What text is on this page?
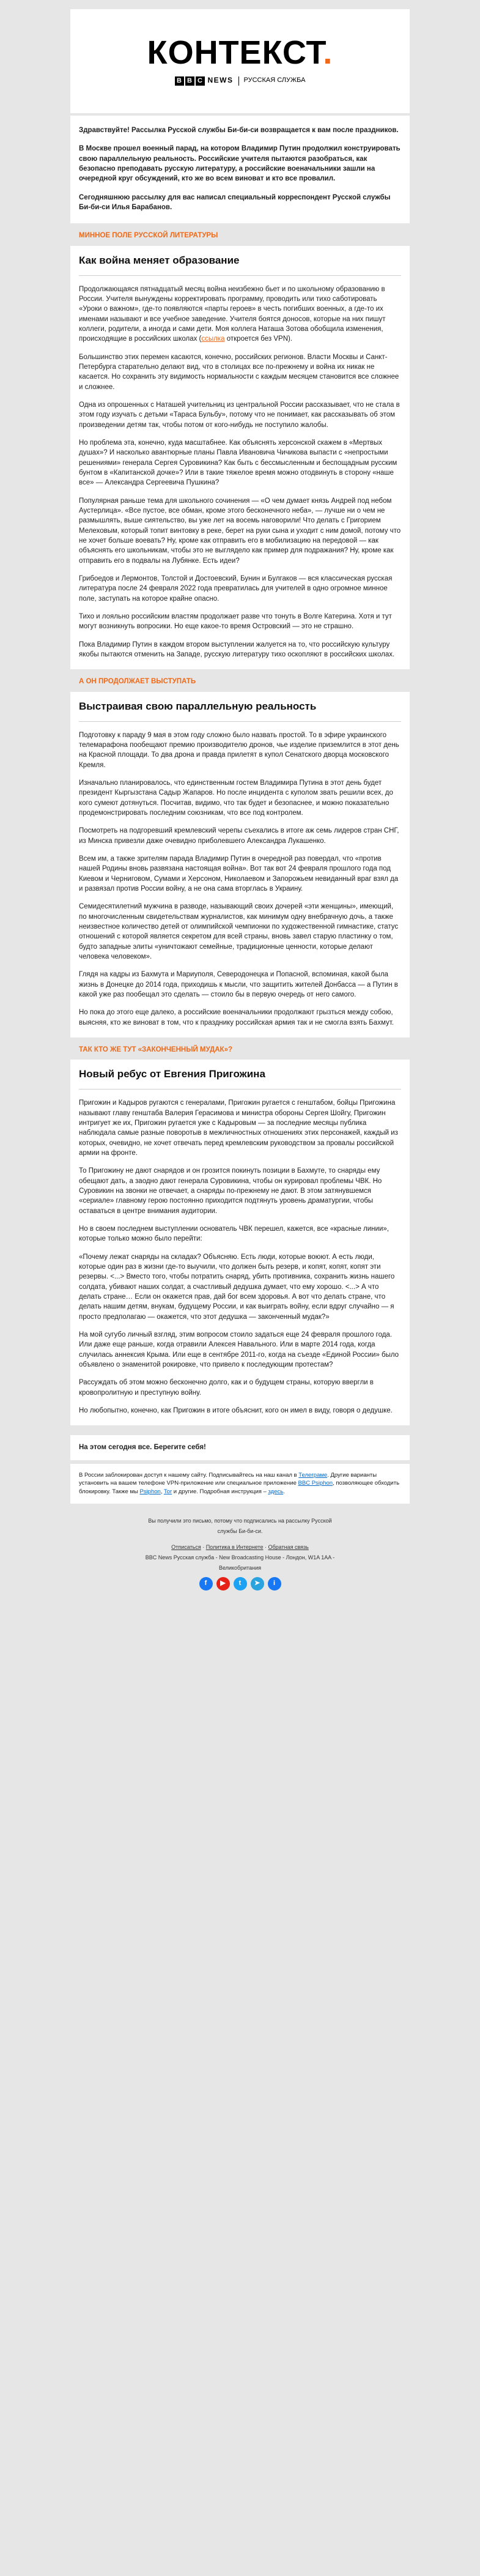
КОНТЕКСТ.
B B C NEWS РУССКАЯ СЛУЖБА

Здравствуйте! Рассылка Русской службы Би-би-си возвращается к вам после праздников.

В Москве прошел военный парад, на котором Владимир Путин продолжил конструировать свою параллельную реальность. Российские учителя пытаются разобраться, как безопасно преподавать русскую литературу, а российские военачальники зашли на очередной круг обсуждений, кто же во всем виноват и кто все провалил.

Сегодняшнюю рассылку для вас написал специальный корреспондент Русской службы Би-би-си Илья Барабанов.

МИННОЕ ПОЛЕ РУССКОЙ ЛИТЕРАТУРЫ
Как война меняет образование

Продолжающаяся пятнадцатый месяц война неизбежно бьет и по школьному образованию в России. Учителя вынуждены корректировать программу, проводить или тихо саботировать «Уроки о важном», где-то появляются «парты героев» в честь погибших военных, а где-то их именами называют и все учебное заведение. Учителя боятся доносов, которые на них пишут коллеги, родители, а иногда и сами дети. Моя коллега Наташа Зотова обобщила изменения, происходящие в российских школах (ссылка откроется без VPN).

Большинство этих перемен касаются, конечно, российских регионов. Власти Москвы и Санкт-Петербурга старательно делают вид, что в столицах все по-прежнему и война их никак не касается. Но сохранить эту видимость нормальности с каждым месяцем становится все сложнее и сложнее.

Одна из опрошенных с Наташей учительниц из центральной России рассказывает, что не стала в этом году изучать с детьми «Тараса Бульбу», потому что не понимает, как рассказывать об этом произведении детям так, чтобы потом от кого-нибудь не поступило жалобы.

Но проблема эта, конечно, куда масштабнее. Как объяснять херсонской скажем в «Мертвых душах»? И насколько авантюрные планы Павла Ивановича Чичикова выпасти с «непростыми решениями» генерала Сергея Суровикина? Как быть с бессмысленным и беспощадным русским бунтом в «Капитанской дочке»? Или в такие тяжелое время можно отодвинуть в сторону «наше все» — Александра Сергеевича Пушкина?

Популярная раньше тема для школьного сочинения — «О чем думает князь Андрей под небом Аустерлица». «Все пустое, все обман, кроме этого бесконечного неба», — лучше ни о чем не размышлять, выше сиятельство, вы уже лет на восемь наговорили! Что делать с Григорием Мелеховым, который топит винтовку в реке, берет на руки сына и уходит с ним домой, потому что не хочет больше воевать? Ну, кроме как отправить его в мобилизацию на передовой — как объяснять его школьникам, чтобы это не выглядело как пример для подражания? Ну, кроме как отправить его в подвалы на Лубянке. Есть идеи?

Грибоедов и Лермонтов, Толстой и Достоевский, Бунин и Булгаков — вся классическая русская литература после 24 февраля 2022 года превратилась для учителей в одно огромное минное поле, заступать на которое крайне опасно.

Тихо и лояльно российским властям продолжает разве что тонуть в Волге Катерина. Хотя и тут могут возникнуть вопросики. Но еще какое-то время Островский — это не страшно.

Пока Владимир Путин в каждом втором выступлении жалуется на то, что российскую культуру якобы пытаются отменить на Западе, русскую литературу тихо оскопляют в российских школах.

А ОН ПРОДОЛЖАЕТ ВЫСТУПАТЬ
Выстраивая свою параллельную реальность

Подготовку к параду 9 мая в этом году сложно было назвать простой. То в эфире украинского телемарафона пообещают премию производителю дронов, чье изделие приземлится в этот день на Красной площади. То два дрона и правда прилетят в купол Сенатского дворца московского Кремля.

Изначально планировалось, что единственным гостем Владимира Путина в этот день будет президент Кыргызстана Садыр Жапаров. Но после инцидента с куполом звать решили всех, до кого сумеют дотянуться. Посчитав, видимо, что так будет и безопаснее, и можно показательно продемонстрировать последним союзникам, что все под контролем.

Посмотреть на подгоревший кремлевский черепы съехались в итоге аж семь лидеров стран СНГ, из Минска привезли даже очевидно приболевшего Александра Лукашенко.

Всем им, а также зрителям парада Владимир Путин в очередной раз повердал, что «против нашей Родины вновь развязана настоящая война». Вот так вот 24 февраля прошлого года под Киевом и Черниговом, Сумами и Херсоном, Николаевом и Запорожьем невиданный враг взял да и развязал против России войну, а не она сама вторглась в Украину.

Семидесятилетний мужчина в разводе, называющий своих дочерей «эти женщины», имеющий, по многочисленным свидетельствам журналистов, как минимум одну внебрачную дочь, а также неизвестное количество детей от олимпийской чемпионки по художественной гимнастике, статус отношений с которой является секретом для всей страны, вновь завел старую пластинку о том, будто западные элиты «уничтожают семейные, традиционные ценности, которые делают человека человеком».

Глядя на кадры из Бахмута и Мариуполя, Северодонецка и Попасной, вспоминая, какой была жизнь в Донецке до 2014 года, приходишь к мысли, что защитить жителей Донбасса — а Путин в какой уже раз пообещал это сделать — стоило бы в первую очередь от него самого.

Но пока до этого еще далеко, а российские военачальники продолжают грызться между собою, выясняя, кто же виноват в том, что к празднику российская армия так и не смогла взять Бахмут.

ТАК КТО ЖЕ ТУТ «ЗАКОНЧЕННЫЙ МУДАК»?
Новый ребус от Евгения Пригожина

Пригожин и Кадыров ругаются с генералами, Пригожин ругается с генштабом, бойцы Пригожина называют главу генштаба Валерия Герасимова и министра обороны Сергея Шойгу, Пригожин интригует же их, Пригожин ругается уже с Кадыровым — за последние месяцы публика наблюдала самые разные поворотыв в межличностных отношениях этих персонажей, каждый из которых, очевидно, не хочет отвечать перед кремлевским руководством за провалы российской армии на фронте.

То Пригожину не дают снарядов и он грозится покинуть позиции в Бахмуте, то снаряды ему обещают дать, а заодно дают генерала Суровикина, чтобы он курировал проблемы ЧВК. Но Суровикин на звонки не отвечает, а снаряды по-прежнему не дают. В этом затянувшемся «сериале» главному герою постоянно приходится подтянуть уровень драматургии, чтобы оставаться в центре внимания аудитории.

Но в своем последнем выступлении основатель ЧВК перешел, кажется, все «красные линии», которые только можно было перейти:

«Почему лежат снаряды на складах? Объясняю. Есть люди, которые воюют. А есть люди, которые один раз в жизни где-то выучили, что должен быть резерв, и копят, копят, копят эти резервы. <...> Вместо того, чтобы потратить снаряд, убить противника, сохранить жизнь нашего солдата, убивают наших солдат, а счастливый дедушка думает, что ему хорошо. <...> А что делать стране… Если он окажется прав, дай бог всем здоровья. А вот что делать стране, что делать нашим детям, внукам, будущему России, и как выиграть войну, если вдруг случайно — я просто предполагаю — окажется, что этот дедушка — законченный мудак?»

На мой сугубо личный взгляд, этим вопросом стоило задаться еще 24 февраля прошлого года. Или даже еще раньше, когда отравили Алексея Навального. Или в марте 2014 года, когда случилась аннексия Крыма. Или еще в сентябре 2011-го, когда на съезде «Единой России» было объявлено о знаменитой рокировке, что привело к последующим протестам?

Рассуждать об этом можно бесконечно долго, как и о будущем страны, которую ввергли в кровопролитную и преступную войну.

Но любопытно, конечно, как Пригожин в итоге объяснит, кого он имел в виду, говоря о дедушке.

На этом сегодня все. Берегите себя!
В России заблокирован доступ к нашему сайту. Подписывайтесь на наш канал в Телеграме. Другие варианты установить на вашем телефоне VPN-приложение или специальное приложение BBC Psiphon, позволяющее обходить блокировку. Также мы Psiphon, Tor и другие. Подробная инструкция – здесь.

Вы получили это письмо, потому что подписались на рассылку Русской

службы Би-би-си.

Отписаться · Политика в Интернете · Обратная связь

BBC News Русская служба - New Broadcasting House - Лондон, W1A 1AA -

Великобритания

f	▶	t	➤	i
